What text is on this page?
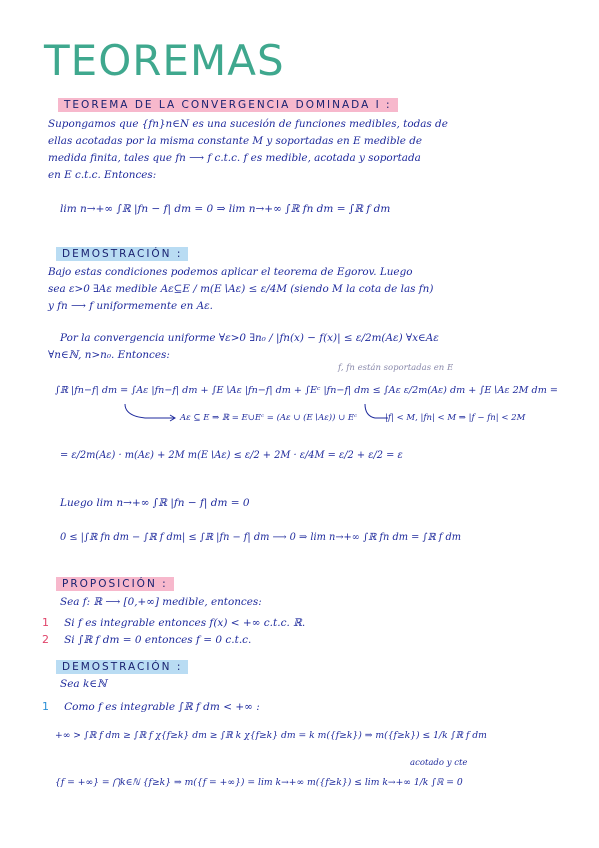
TEOREMAS
TEOREMA DE LA CONVERGENCIA DOMINADA I :
Supongamos que {fn}n∈N es una sucesión de funciones medibles, todas de
ellas acotadas por la misma constante M y soportadas en E medible de
medida finita, tales que fn ⟶ f c.t.c. f es medible, acotada y soportada
en E c.t.c. Entonces:
lim n→+∞ ∫ℝ |fn − f| dm = 0 ⇒ lim n→+∞ ∫ℝ fn dm = ∫ℝ f dm
DEMOSTRACIÓN :
Bajo estas condiciones podemos aplicar el teorema de Egorov. Luego
sea ε>0 ∃Aε medible Aε⊆E / m(E∖Aε) ≤ ε/4M (siendo M la cota de las fn)
y fn ⟶ f uniformemente en Aε.
Por la convergencia uniforme ∀ε>0 ∃n₀ / |fn(x) − f(x)| ≤ ε/2m(Aε) ∀x∈Aε
∀n∈ℕ, n>n₀. Entonces:
f, fn están soportadas en E
∫ℝ |fn−f| dm = ∫Aε |fn−f| dm + ∫E∖Aε |fn−f| dm + ∫Eᶜ |fn−f| dm ≤ ∫Aε ε/2m(Aε) dm + ∫E∖Aε 2M dm =
Aε ⊆ E ⇒ ℝ = E∪Eᶜ = (Aε ∪ (E∖Aε)) ∪ Eᶜ	|f| < M, |fn| < M ⇒ |f − fn| < 2M
= ε/2m(Aε) · m(Aε) + 2M m(E∖Aε) ≤ ε/2 + 2M · ε/4M = ε/2 + ε/2 = ε
Luego lim n→+∞ ∫ℝ |fn − f| dm = 0
0 ≤ |∫ℝ fn dm − ∫ℝ f dm| ≤ ∫ℝ |fn − f| dm ⟶ 0 ⇒ lim n→+∞ ∫ℝ fn dm = ∫ℝ f dm
PROPOSICIÓN :
Sea f: ℝ ⟶ [0,+∞] medible, entonces:
1 Si f es integrable entonces f(x) < +∞ c.t.c. ℝ.
2 Si ∫ℝ f dm = 0 entonces f = 0 c.t.c.
DEMOSTRACIÓN :
Sea k∈ℕ
1 Como f es integrable ∫ℝ f dm < +∞ :
+∞ > ∫ℝ f dm ≥ ∫ℝ f χ{f≥k} dm ≥ ∫ℝ k χ{f≥k} dm = k m({f≥k}) ⇒ m({f≥k}) ≤ 1/k ∫ℝ f dm
acotado y cte
{f = +∞} = ⋂k∈ℕ {f≥k} ⇒ m({f = +∞}) = lim k→+∞ m({f≥k}) ≤ lim k→+∞ 1/k ∫ℝ = 0
